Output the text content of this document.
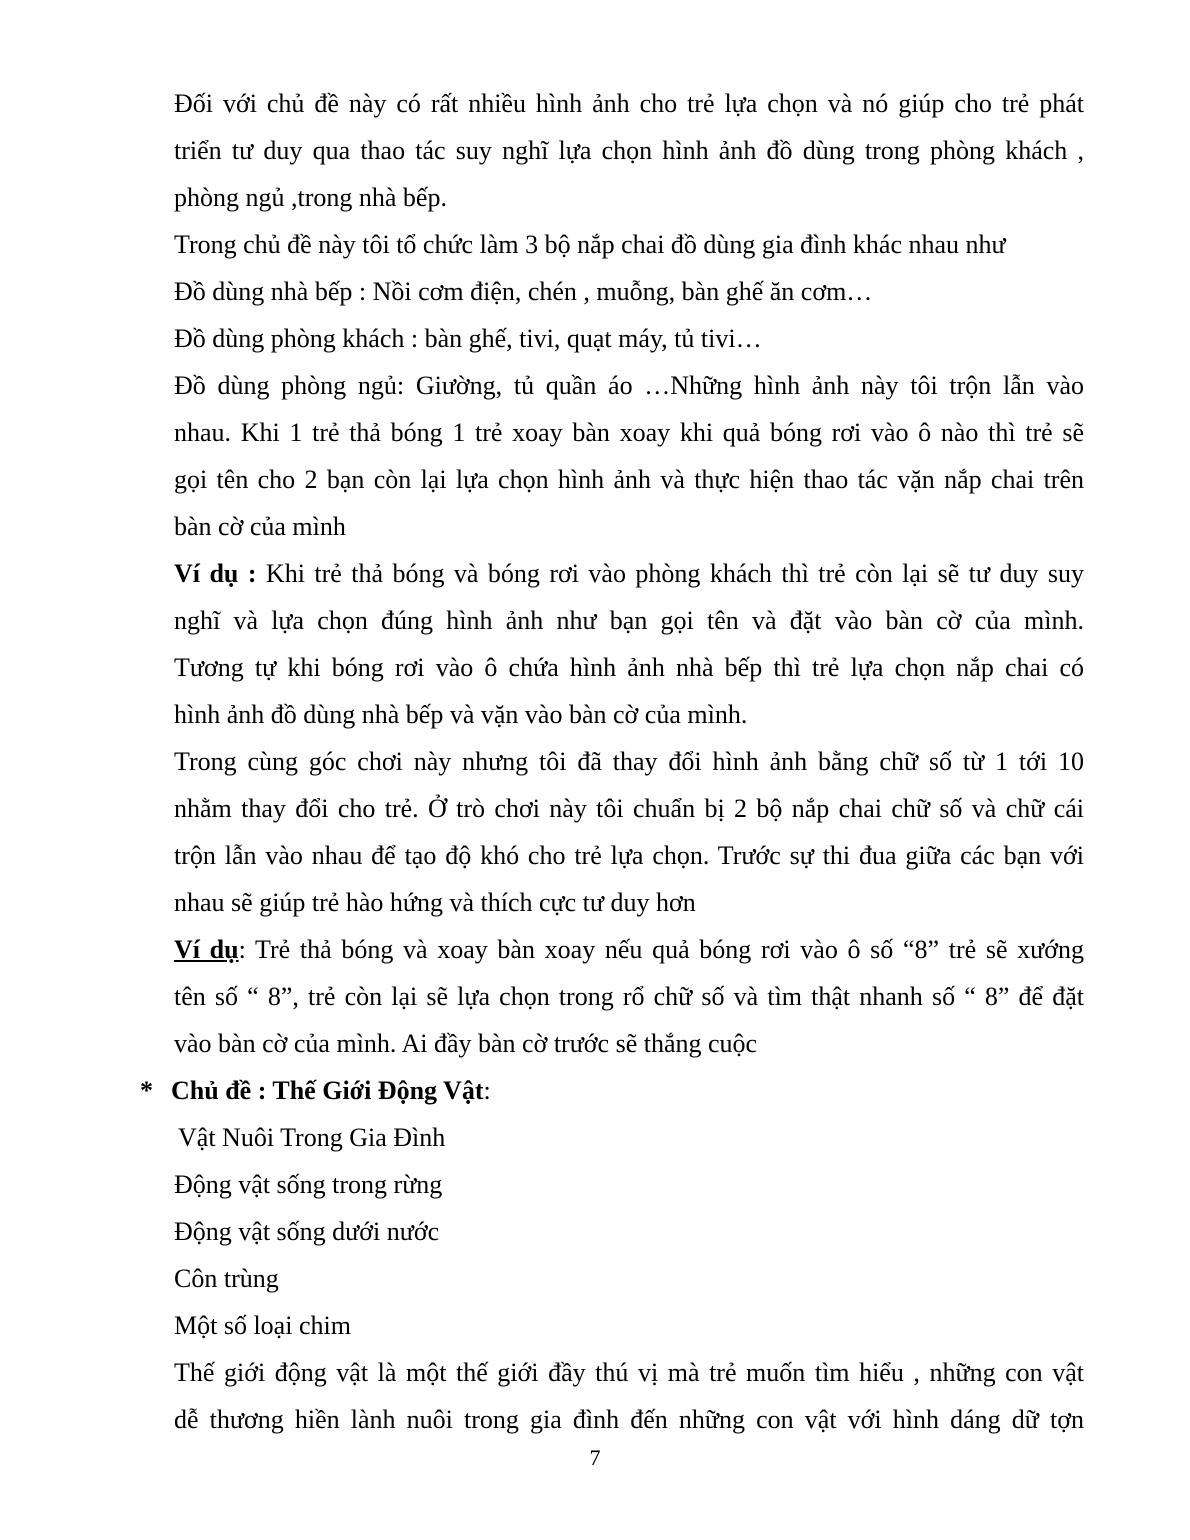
Đối với chủ đề này có rất nhiều hình ảnh cho trẻ lựa chọn và nó giúp cho trẻ phát
triển tư duy qua thao tác suy nghĩ lựa chọn hình ảnh đồ dùng trong phòng khách ,
phòng ngủ ,trong nhà bếp.
Trong chủ đề này tôi tổ chức làm 3 bộ nắp chai đồ dùng gia đình khác nhau như
Đồ dùng nhà bếp : Nồi cơm điện, chén , muỗng, bàn ghế ăn cơm…
Đồ dùng phòng khách : bàn ghế, tivi, quạt máy, tủ tivi…
Đồ dùng phòng ngủ: Giường, tủ quần áo …Những hình ảnh này tôi trộn lẫn vào
nhau. Khi 1 trẻ thả bóng 1 trẻ xoay bàn xoay khi quả bóng rơi vào ô nào thì trẻ sẽ
gọi tên cho 2 bạn còn lại lựa chọn hình ảnh và thực hiện thao tác vặn nắp chai trên
bàn cờ của mình
Ví dụ : Khi trẻ thả bóng và bóng rơi vào phòng khách thì trẻ còn lại sẽ tư duy suy
nghĩ và lựa chọn đúng hình ảnh như bạn gọi tên và đặt vào bàn cờ của mình.
Tương tự khi bóng rơi vào ô chứa hình ảnh nhà bếp thì trẻ lựa chọn nắp chai có
hình ảnh đồ dùng nhà bếp và vặn vào bàn cờ của mình.
Trong cùng góc chơi này nhưng tôi đã thay đổi hình ảnh bằng chữ số từ 1 tới 10
nhằm thay đổi cho trẻ. Ở trò chơi này tôi chuẩn bị 2 bộ nắp chai chữ số và chữ cái
trộn lẫn vào nhau để tạo độ khó cho trẻ lựa chọn. Trước sự thi đua giữa các bạn với
nhau sẽ giúp trẻ hào hứng và thích cực tư duy hơn
Ví dụ: Trẻ thả bóng và xoay bàn xoay nếu quả bóng rơi vào ô số “8” trẻ sẽ xướng
tên số “ 8”, trẻ còn lại sẽ lựa chọn trong rổ chữ số và tìm thật nhanh số “ 8” để đặt
vào bàn cờ của mình. Ai đầy bàn cờ trước sẽ thắng cuộc
* Chủ đề : Thế Giới Động Vật:
Vật Nuôi Trong Gia Đình
Động vật sống trong rừng
Động vật sống dưới nước
Côn trùng
Một số loại chim
Thế giới động vật là một thế giới đầy thú vị mà trẻ muốn tìm hiểu , những con vật
dễ thương hiền lành nuôi trong gia đình đến những con vật với hình dáng dữ tợn
7
